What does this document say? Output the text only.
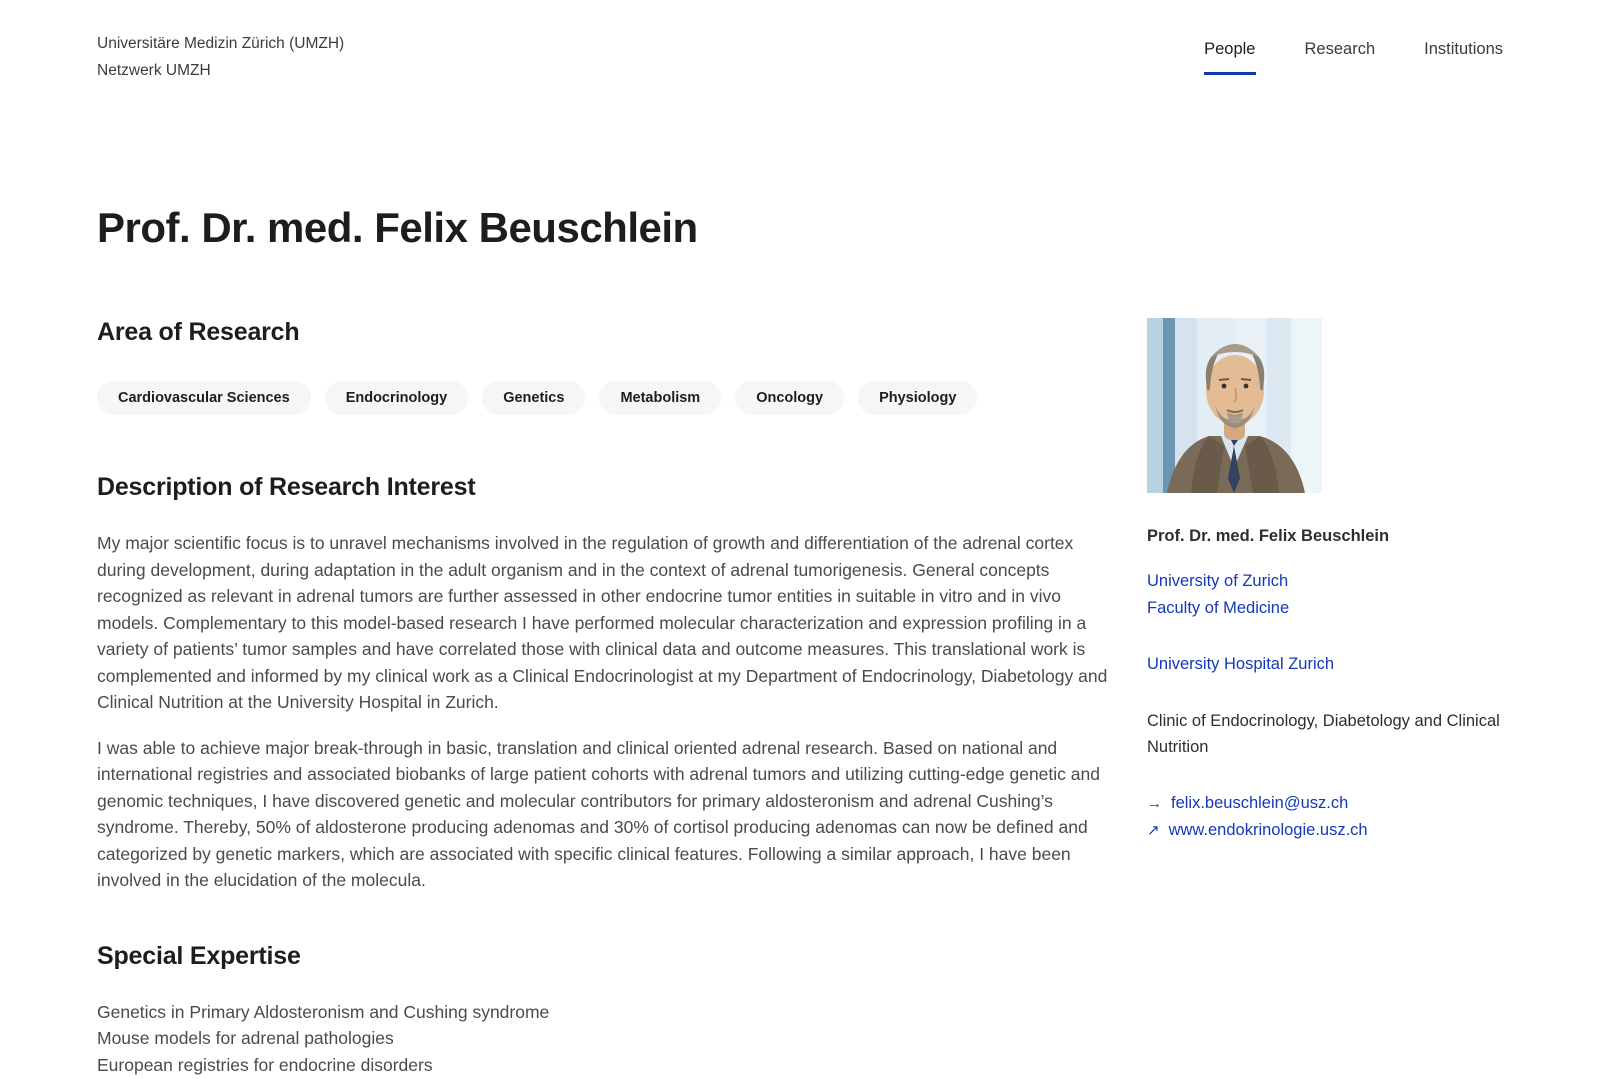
Universitäre Medizin Zürich (UMZH)
Netzwerk UMZH
People	Research	Institutions
Prof. Dr. med. Felix Beuschlein
Area of Research
Cardiovascular Sciences	Endocrinology	Genetics	Metabolism	Oncology	Physiology
Description of Research Interest

My major scientific focus is to unravel mechanisms involved in the regulation of growth and differentiation of the adrenal cortex during development, during adaptation in the adult organism and in the context of adrenal tumorigenesis. General concepts recognized as relevant in adrenal tumors are further assessed in other endocrine tumor entities in suitable in vitro and in vivo models. Complementary to this model-based research I have performed molecular characterization and expression profiling in a variety of patients’ tumor samples and have correlated those with clinical data and outcome measures. This translational work is complemented and informed by my clinical work as a Clinical Endocrinologist at my Department of Endocrinology, Diabetology and Clinical Nutrition at the University Hospital in Zurich.

I was able to achieve major break-through in basic, translation and clinical oriented adrenal research. Based on national and international registries and associated biobanks of large patient cohorts with adrenal tumors and utilizing cutting-edge genetic and genomic techniques, I have discovered genetic and molecular contributors for primary aldosteronism and adrenal Cushing’s syndrome. Thereby, 50% of aldosterone producing adenomas and 30% of cortisol producing adenomas can now be defined and categorized by genetic markers, which are associated with specific clinical features. Following a similar approach, I have been involved in the elucidation of the molecula.

Special Expertise
Genetics in Primary Aldosteronism and Cushing syndrome
Mouse models for adrenal pathologies
European registries for endocrine disorders
Prof. Dr. med. Felix Beuschlein
University of Zurich
Faculty of Medicine
University Hospital Zurich
Clinic of Endocrinology, Diabetology and Clinical Nutrition
→ felix.beuschlein@usz.ch
↗ www.endokrinologie.usz.ch
